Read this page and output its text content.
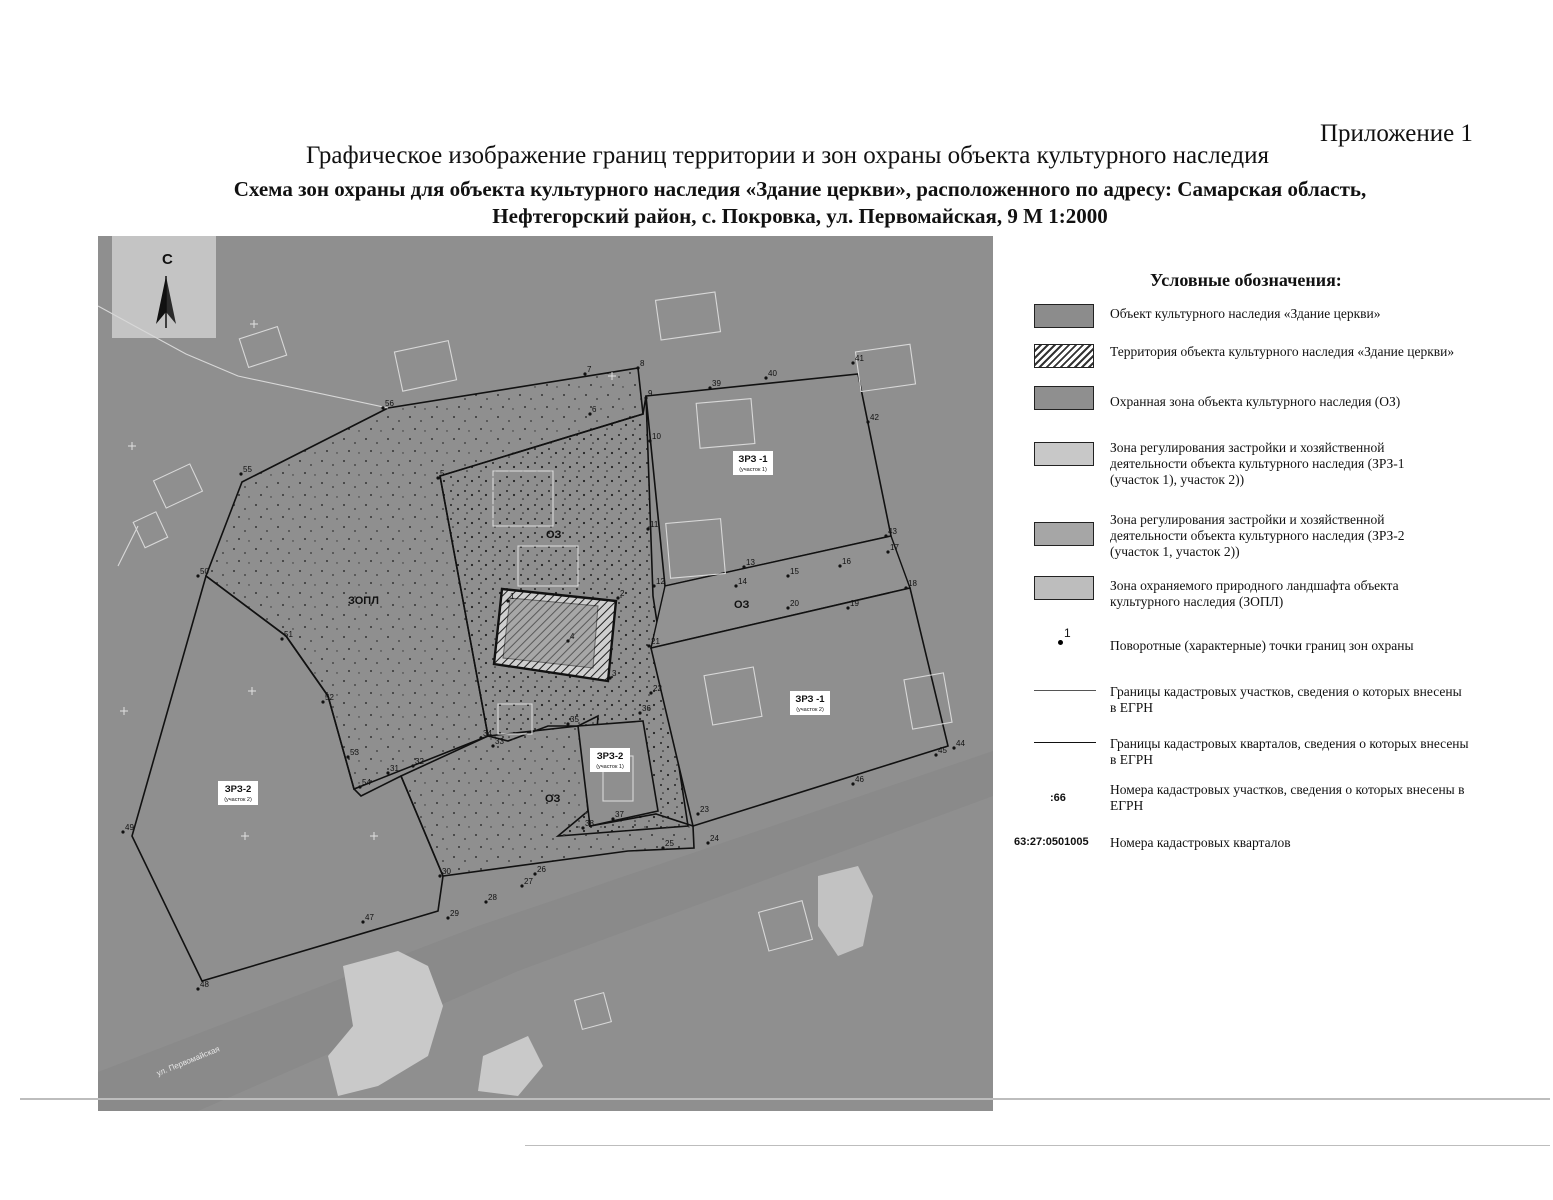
Приложение 1
Графическое изображение границ территории и зон охраны объекта культурного наследия
Схема зон охраны для объекта культурного наследия «Здание церкви», расположенного по адресу: Самарская область,
Нефтегорский район, с. Покровка, ул. Первомайская, 9 М 1:2000
С
ЗОПЛ
ОЗ
ОЗ
ОЗ
ЗРЗ -1
(участок 1)
ЗРЗ -1
(участок 2)
ЗРЗ-2
(участок 1)
ЗРЗ-2
(участок 2)
ул. Первомайская
1	2
3
4
5
6
7
8
9
10
11
12
13
14
15
16
17
18
19
20
21
22
23
24
25
26
27
28
29
30
31
32
33
34
35
36
37
38
39
40
41
42
43
44
45
46
47
48
49
50
51
52
53
54
55
56
Условные обозначения:
Объект культурного наследия «Здание церкви»
Территория объекта культурного наследия «Здание церкви»
Охранная зона объекта культурного наследия (ОЗ)
Зона регулирования застройки и хозяйственной деятельности объекта культурного наследия (ЗРЗ-1 (участок 1), участок 2))
Зона регулирования застройки и хозяйственной деятельности объекта культурного наследия (ЗРЗ-2 (участок 1, участок 2))
Зона охраняемого природного ландшафта объекта культурного наследия (ЗОПЛ)
1
Поворотные (характерные) точки границ зон охраны
Границы кадастровых участков, сведения о которых внесены в ЕГРН
Границы кадастровых кварталов, сведения о которых внесены в ЕГРН
:66
Номера кадастровых участков, сведения о которых внесены в ЕГРН
63:27:0501005 Номера кадастровых кварталов
